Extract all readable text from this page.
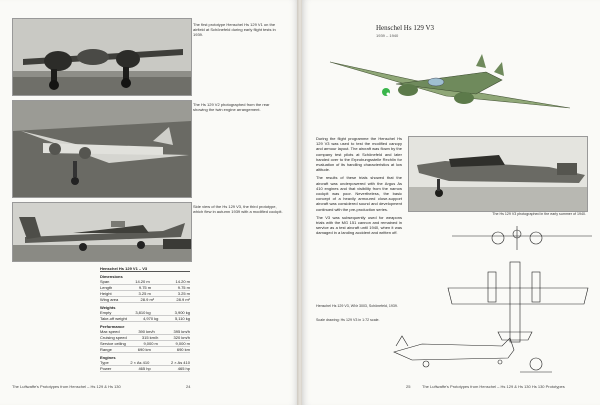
The first prototype Henschel Hs 129 V1 on the airfield at Schönefeld during early flight tests in 1939.
The Hs 129 V2 photographed from the rear showing the twin engine arrangement.
Side view of the Hs 129 V3, the third prototype, which flew in autumn 1939 with a modified cockpit.
Henschel Hs 129 V1 – V3
Dimensions
Span	14.20 m	14.20 m
Length	9.75 m	9.75 m
Height	3.25 m	3.25 m
Wing area	28.9 m²	28.9 m²
Weights
Empty	3,810 kg	3,900 kg
Take-off weight	4,970 kg	5,110 kg
Performance
Max speed	390 km/h	395 km/h
Cruising speed	315 km/h	320 km/h
Service ceiling	9,000 m	9,000 m
Range	690 km	690 km
Engines
Type	2 × As 410	2 × As 410
Power	465 hp	465 hp
The Luftwaffe's Prototypes from Henschel – Hs 129 & Hs 130	24
Henschel Hs 129 V3
1939 – 1940

During the flight programme the Henschel Hs 129 V3 was used to test the modified canopy and armour layout. The aircraft was flown by the company test pilots at Schönefeld and later handed over to the Erprobungsstelle Rechlin for evaluation of its handling characteristics at low altitude.

The results of these trials showed that the aircraft was underpowered with the Argus As 410 engines and that visibility from the narrow cockpit was poor. Nevertheless, the basic concept of a heavily armoured close-support aircraft was considered sound and development continued with the pre-production series.

The V3 was subsequently used for weapons trials with the MG 151 cannon and remained in service as a test aircraft until 1940, when it was damaged in a landing accident and written off.

Henschel Hs 129 V3, WNr 3003, Schönefeld, 1939.
Scale drawing: Hs 129 V3 in 1:72 scale.
The Hs 129 V3 photographed in the early summer of 1940.
The Luftwaffe's Prototypes from Henschel – Hs 129 & Hs 130 Hs 130 Prototypes
25
